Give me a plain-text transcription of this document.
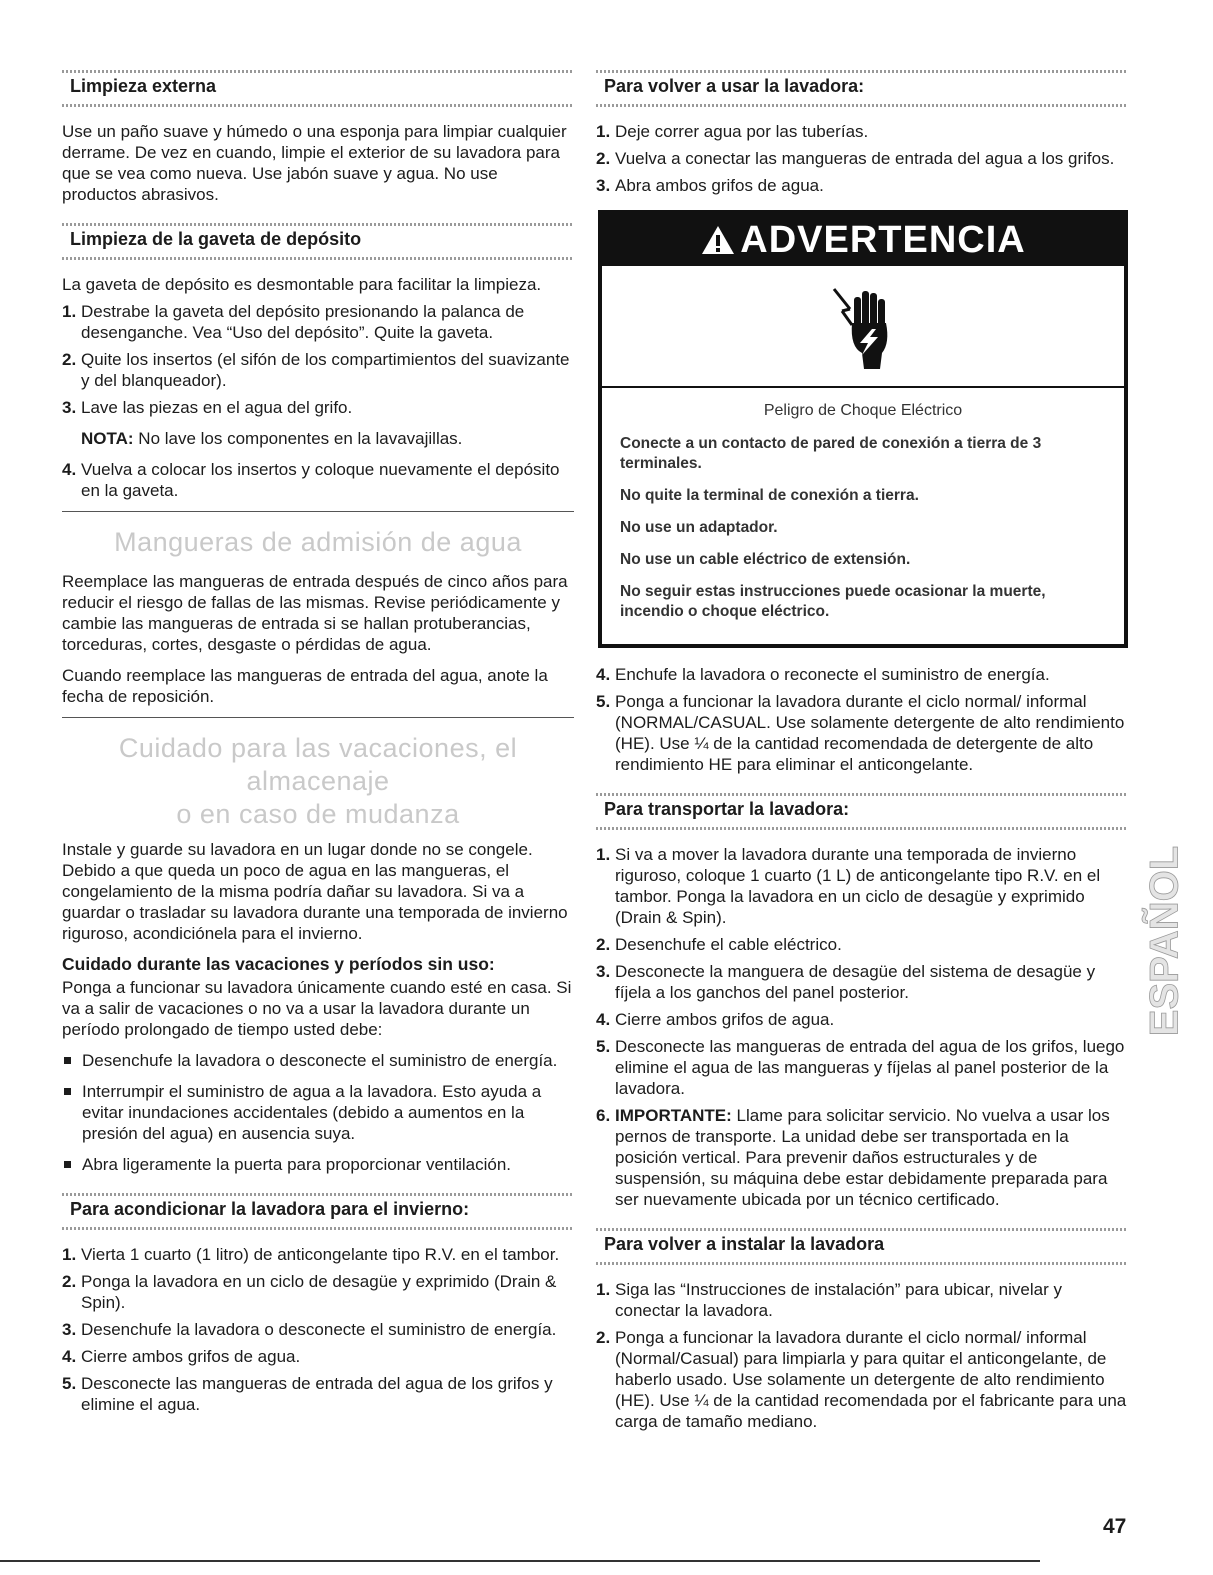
Limpieza externa

Use un paño suave y húmedo o una esponja para limpiar cualquier derrame. De vez en cuando, limpie el exterior de su lavadora para que se vea como nueva. Use jabón suave y agua. No use productos abrasivos.

Limpieza de la gaveta de depósito

La gaveta de depósito es desmontable para facilitar la limpieza.

1. Destrabe la gaveta del depósito presionando la palanca de desenganche. Vea “Uso del depósito”. Quite la gaveta.
2. Quite los insertos (el sifón de los compartimientos del suavizante y del blanqueador).
3. Lave las piezas en el agua del grifo.
NOTA: No lave los componentes en la lavavajillas.
4. Vuelva a colocar los insertos y coloque nuevamente el depósito en la gaveta.
Mangueras de admisión de agua

Reemplace las mangueras de entrada después de cinco años para reducir el riesgo de fallas de las mismas. Revise periódicamente y cambie las mangueras de entrada si se hallan protuberancias, torceduras, cortes, desgaste o pérdidas de agua.

Cuando reemplace las mangueras de entrada del agua, anote la fecha de reposición.

Cuidado para las vacaciones, el almacenaje
o en caso de mudanza

Instale y guarde su lavadora en un lugar donde no se congele. Debido a que queda un poco de agua en las mangueras, el congelamiento de la misma podría dañar su lavadora. Si va a guardar o trasladar su lavadora durante una temporada de invierno riguroso, acondiciónela para el invierno.

Cuidado durante las vacaciones y períodos sin uso:

Ponga a funcionar su lavadora únicamente cuando esté en casa. Si va a salir de vacaciones o no va a usar la lavadora durante un período prolongado de tiempo usted debe:

Desenchufe la lavadora o desconecte el suministro de energía.
Interrumpir el suministro de agua a la lavadora. Esto ayuda a evitar inundaciones accidentales (debido a aumentos en la presión del agua) en ausencia suya.
Abra ligeramente la puerta para proporcionar ventilación.
Para acondicionar la lavadora para el invierno:
1. Vierta 1 cuarto (1 litro) de anticongelante tipo R.V. en el tambor.
2. Ponga la lavadora en un ciclo de desagüe y exprimido (Drain & Spin).
3. Desenchufe la lavadora o desconecte el suministro de energía.
4. Cierre ambos grifos de agua.
5. Desconecte las mangueras de entrada del agua de los grifos y elimine el agua.
Para volver a usar la lavadora:
1. Deje correr agua por las tuberías.
2. Vuelva a conectar las mangueras de entrada del agua a los grifos.
3. Abra ambos grifos de agua.
ADVERTENCIA
Peligro de Choque Eléctrico

Conecte a un contacto de pared de conexión a tierra de 3 terminales.

No quite la terminal de conexión a tierra.

No use un adaptador.

No use un cable eléctrico de extensión.

No seguir estas instrucciones puede ocasionar la muerte, incendio o choque eléctrico.

4. Enchufe la lavadora o reconecte el suministro de energía.
5. Ponga a funcionar la lavadora durante el ciclo normal/ informal (NORMAL/CASUAL. Use solamente detergente de alto rendimiento (HE). Use ¼ de la cantidad recomendada de detergente de alto rendimiento HE para eliminar el anticongelante.
Para transportar la lavadora:
1. Si va a mover la lavadora durante una temporada de invierno riguroso, coloque 1 cuarto (1 L) de anticongelante tipo R.V. en el tambor. Ponga la lavadora en un ciclo de desagüe y exprimido (Drain & Spin).
2. Desenchufe el cable eléctrico.
3. Desconecte la manguera de desagüe del sistema de desagüe y fíjela a los ganchos del panel posterior.
4. Cierre ambos grifos de agua.
5. Desconecte las mangueras de entrada del agua de los grifos, luego elimine el agua de las mangueras y fíjelas al panel posterior de la lavadora.
6. IMPORTANTE: Llame para solicitar servicio. No vuelva a usar los pernos de transporte. La unidad debe ser transportada en la posición vertical. Para prevenir daños estructurales y de suspensión, su máquina debe estar debidamente preparada para ser nuevamente ubicada por un técnico certificado.
Para volver a instalar la lavadora
1. Siga las “Instrucciones de instalación” para ubicar, nivelar y conectar la lavadora.
2. Ponga a funcionar la lavadora durante el ciclo normal/ informal (Normal/Casual) para limpiarla y para quitar el anticongelante, de haberlo usado. Use solamente un detergente de alto rendimiento (HE). Use ¼ de la cantidad recomendada por el fabricante para una carga de tamaño mediano.
ESPAÑOL
47
